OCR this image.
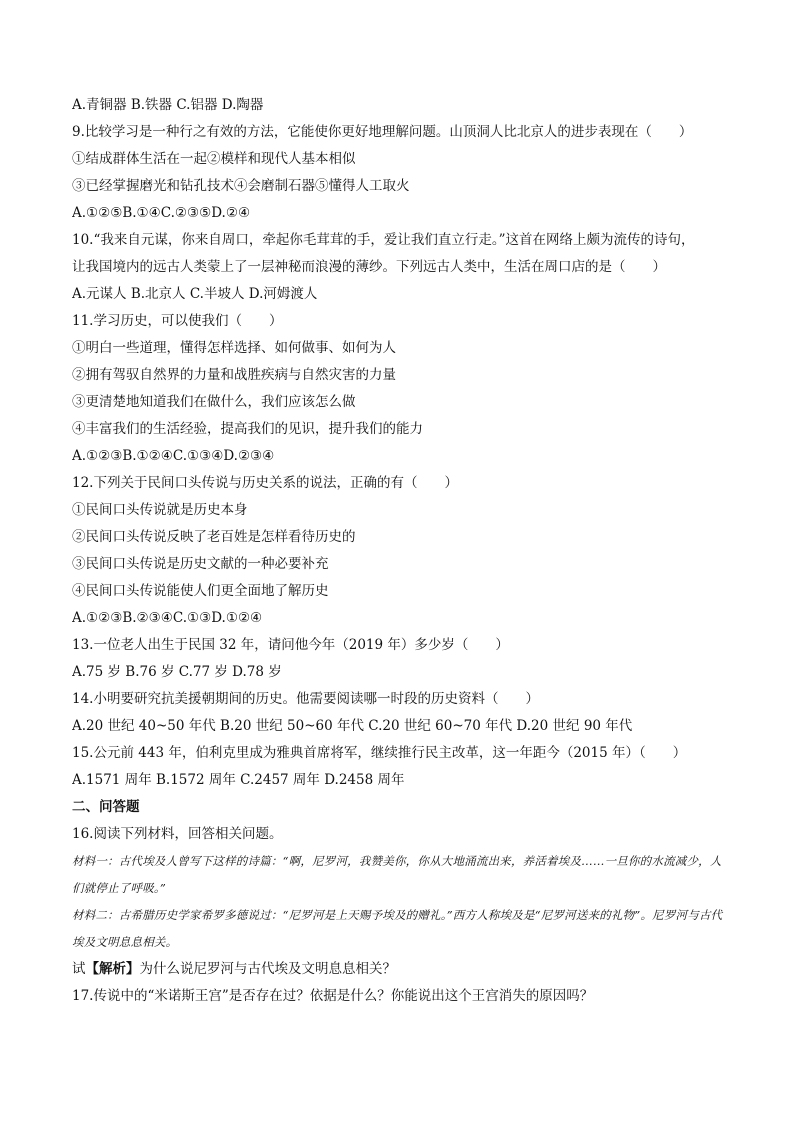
A.青铜器 B.铁器 C.铝器 D.陶器
9.比较学习是一种行之有效的方法，它能使你更好地理解问题。山顶洞人比北京人的进步表现在（　　）
①结成群体生活在一起②模样和现代人基本相似
③已经掌握磨光和钻孔技术④会磨制石器⑤懂得人工取火
A.①②⑤B.①④C.②③⑤D.②④
10.“我来自元谋，你来自周口，牵起你毛茸茸的手，爱让我们直立行走。”这首在网络上颇为流传的诗句，
让我国境内的远古人类蒙上了一层神秘而浪漫的薄纱。下列远古人类中，生活在周口店的是（　　）
A.元谋人 B.北京人 C.半坡人 D.河姆渡人
11.学习历史，可以使我们（　　）
①明白一些道理，懂得怎样选择、如何做事、如何为人
②拥有驾驭自然界的力量和战胜疾病与自然灾害的力量
③更清楚地知道我们在做什么，我们应该怎么做
④丰富我们的生活经验，提高我们的见识，提升我们的能力
A.①②③B.①②④C.①③④D.②③④
12.下列关于民间口头传说与历史关系的说法，正确的有（　　）
①民间口头传说就是历史本身
②民间口头传说反映了老百姓是怎样看待历史的
③民间口头传说是历史文献的一种必要补充
④民间口头传说能使人们更全面地了解历史
A.①②③B.②③④C.①③D.①②④
13.一位老人出生于民国 32 年，请问他今年（2019 年）多少岁（　　）
A.75 岁 B.76 岁 C.77 岁 D.78 岁
14.小明要研究抗美援朝期间的历史。他需要阅读哪一时段的历史资料（　　）
A.20 世纪 40~50 年代 B.20 世纪 50~60 年代 C.20 世纪 60~70 年代 D.20 世纪 90 年代
15.公元前 443 年，伯利克里成为雅典首席将军，继续推行民主改革，这一年距今（2015 年）（　　）
A.1571 周年 B.1572 周年 C.2457 周年 D.2458 周年
二、问答题
16.阅读下列材料，回答相关问题。
材料一：古代埃及人曾写下这样的诗篇：“啊，尼罗河，我赞美你，你从大地涌流出来，养活着埃及……一旦你的水流减少，人们就停止了呼吸。”
材料二：古希腊历史学家希罗多德说过：“尼罗河是上天赐予埃及的赠礼。”西方人称埃及是“尼罗河送来的礼物”。尼罗河与古代埃及文明息息相关。
试【解析】为什么说尼罗河与古代埃及文明息息相关？
17.传说中的“米诺斯王宫”是否存在过？依据是什么？你能说出这个王宫消失的原因吗？
